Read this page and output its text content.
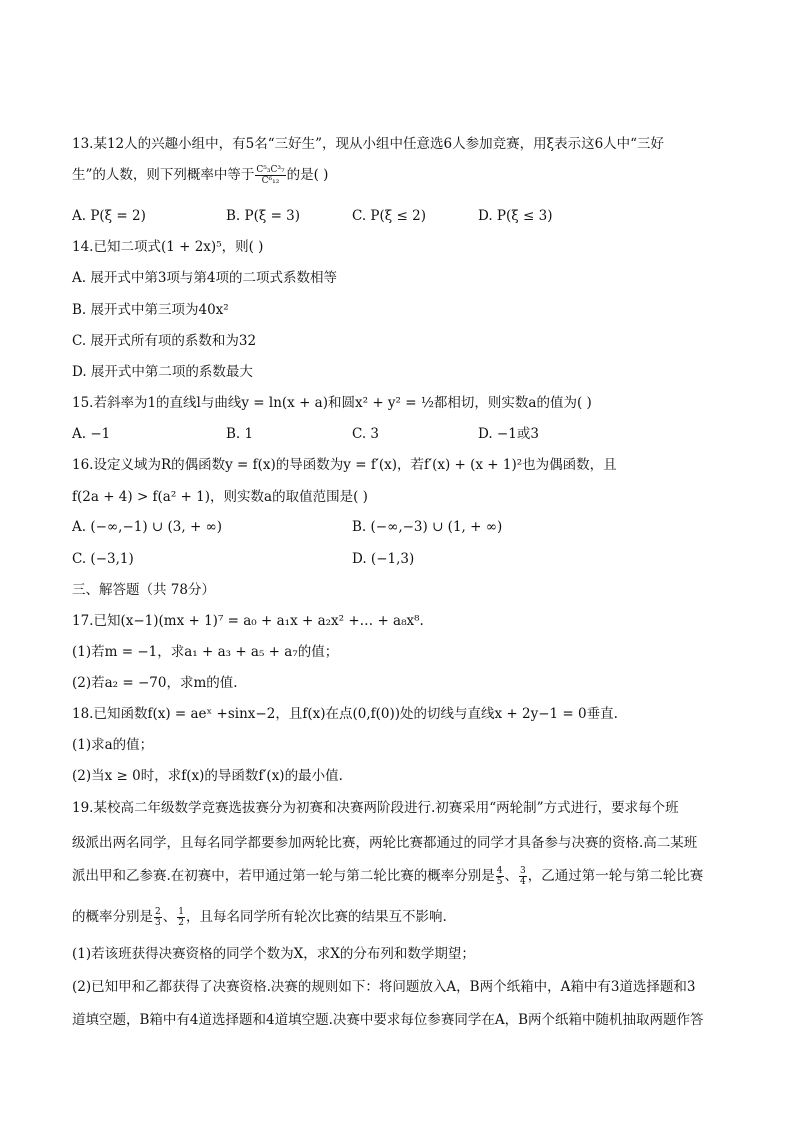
13.某12人的兴趣小组中，有5名“三好生”，现从小组中任意选6人参加竞赛，用ξ表示这6人中“三好
生”的人数，则下列概率中等于 $\frac{\text{C⁵₃C³₇}}{\text{C⁶₁₂}}$ 的是( )
A. P(ξ = 2)	B. P(ξ = 3)	C. P(ξ ≤ 2)	D. P(ξ ≤ 3)
14.已知二项式(1 + 2x)⁵，则( )
A. 展开式中第3项与第4项的二项式系数相等
B. 展开式中第三项为40x²
C. 展开式所有项的系数和为32
D. 展开式中第二项的系数最大
15.若斜率为1的直线l与曲线y = ln(x + a)和圆x² + y² = ½都相切，则实数a的值为( )
A. −1	B. 1	C. 3	D. −1或3
16.设定义域为R的偶函数y = f(x)的导函数为y = f′(x)，若f′(x) + (x + 1)²也为偶函数，且
f(2a + 4) > f(a² + 1)，则实数a的取值范围是( )
A. (−∞,−1) ∪ (3, + ∞)	B. (−∞,−3) ∪ (1, + ∞)
C. (−3,1)	D. (−1,3)
三、解答题（共 78分）
17.已知(x−1)(mx + 1)⁷ = a₀ + a₁x + a₂x² +… + a₈x⁸.
(1)若m = −1，求a₁ + a₃ + a₅ + a₇的值；
(2)若a₂ = −70，求m的值.
18.已知函数f(x) = aeˣ +sinx−2，且f(x)在点(0,f(0))处的切线与直线x + 2y−1 = 0垂直.
(1)求a的值；
(2)当x ≥ 0时，求f(x)的导函数f′(x)的最小值.
19.某校高二年级数学竞赛选拔赛分为初赛和决赛两阶段进行.初赛采用“两轮制”方式进行，要求每个班
级派出两名同学，且每名同学都要参加两轮比赛，两轮比赛都通过的同学才具备参与决赛的资格.高二某班
派出甲和乙参赛.在初赛中，若甲通过第一轮与第二轮比赛的概率分别是 $\frac{4}{5}$ 、 $\frac{3}{4}$ ，乙通过第一轮与第二轮比赛
的概率分别是 $\frac{2}{3}$ 、 $\frac{1}{2}$ ，且每名同学所有轮次比赛的结果互不影响.
(1)若该班获得决赛资格的同学个数为X，求X的分布列和数学期望；
(2)已知甲和乙都获得了决赛资格.决赛的规则如下：将问题放入A，B两个纸箱中，A箱中有3道选择题和3
道填空题，B箱中有4道选择题和4道填空题.决赛中要求每位参赛同学在A，B两个纸箱中随机抽取两题作答
